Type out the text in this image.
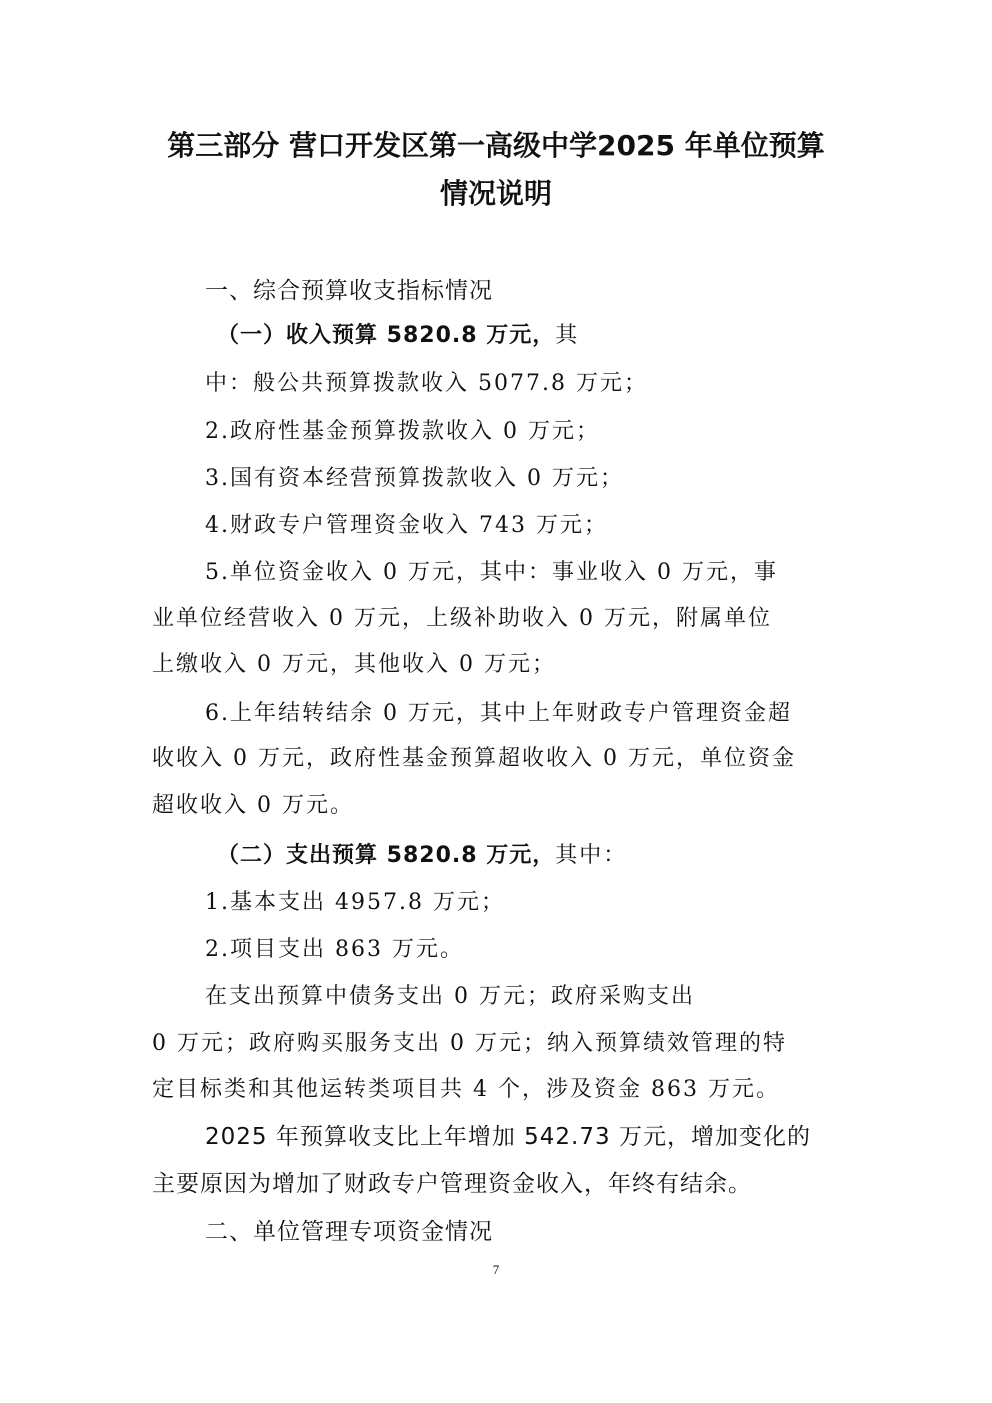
第三部分 营口开发区第一高级中学2025 年单位预算
情况说明
一、综合预算收支指标情况
（一）收入预算 5820.8 万元，其
中：般公共预算拨款收入 5077.8 万元；
2.政府性基金预算拨款收入 0 万元；
3.国有资本经营预算拨款收入 0 万元；
4.财政专户管理资金收入 743 万元；
5.单位资金收入 0 万元，其中：事业收入 0 万元，事
业单位经营收入 0 万元，上级补助收入 0 万元，附属单位
上缴收入 0 万元，其他收入 0 万元；
6.上年结转结余 0 万元，其中上年财政专户管理资金超
收收入 0 万元，政府性基金预算超收收入 0 万元，单位资金
超收收入 0 万元。
（二）支出预算 5820.8 万元，其中：
1.基本支出 4957.8 万元；
2.项目支出 863 万元。
在支出预算中债务支出 0 万元；政府采购支出
0 万元；政府购买服务支出 0 万元；纳入预算绩效管理的特
定目标类和其他运转类项目共 4 个，涉及资金 863 万元。
2025 年预算收支比上年增加 542.73 万元，增加变化的
主要原因为增加了财政专户管理资金收入，年终有结余。
二、单位管理专项资金情况
7
